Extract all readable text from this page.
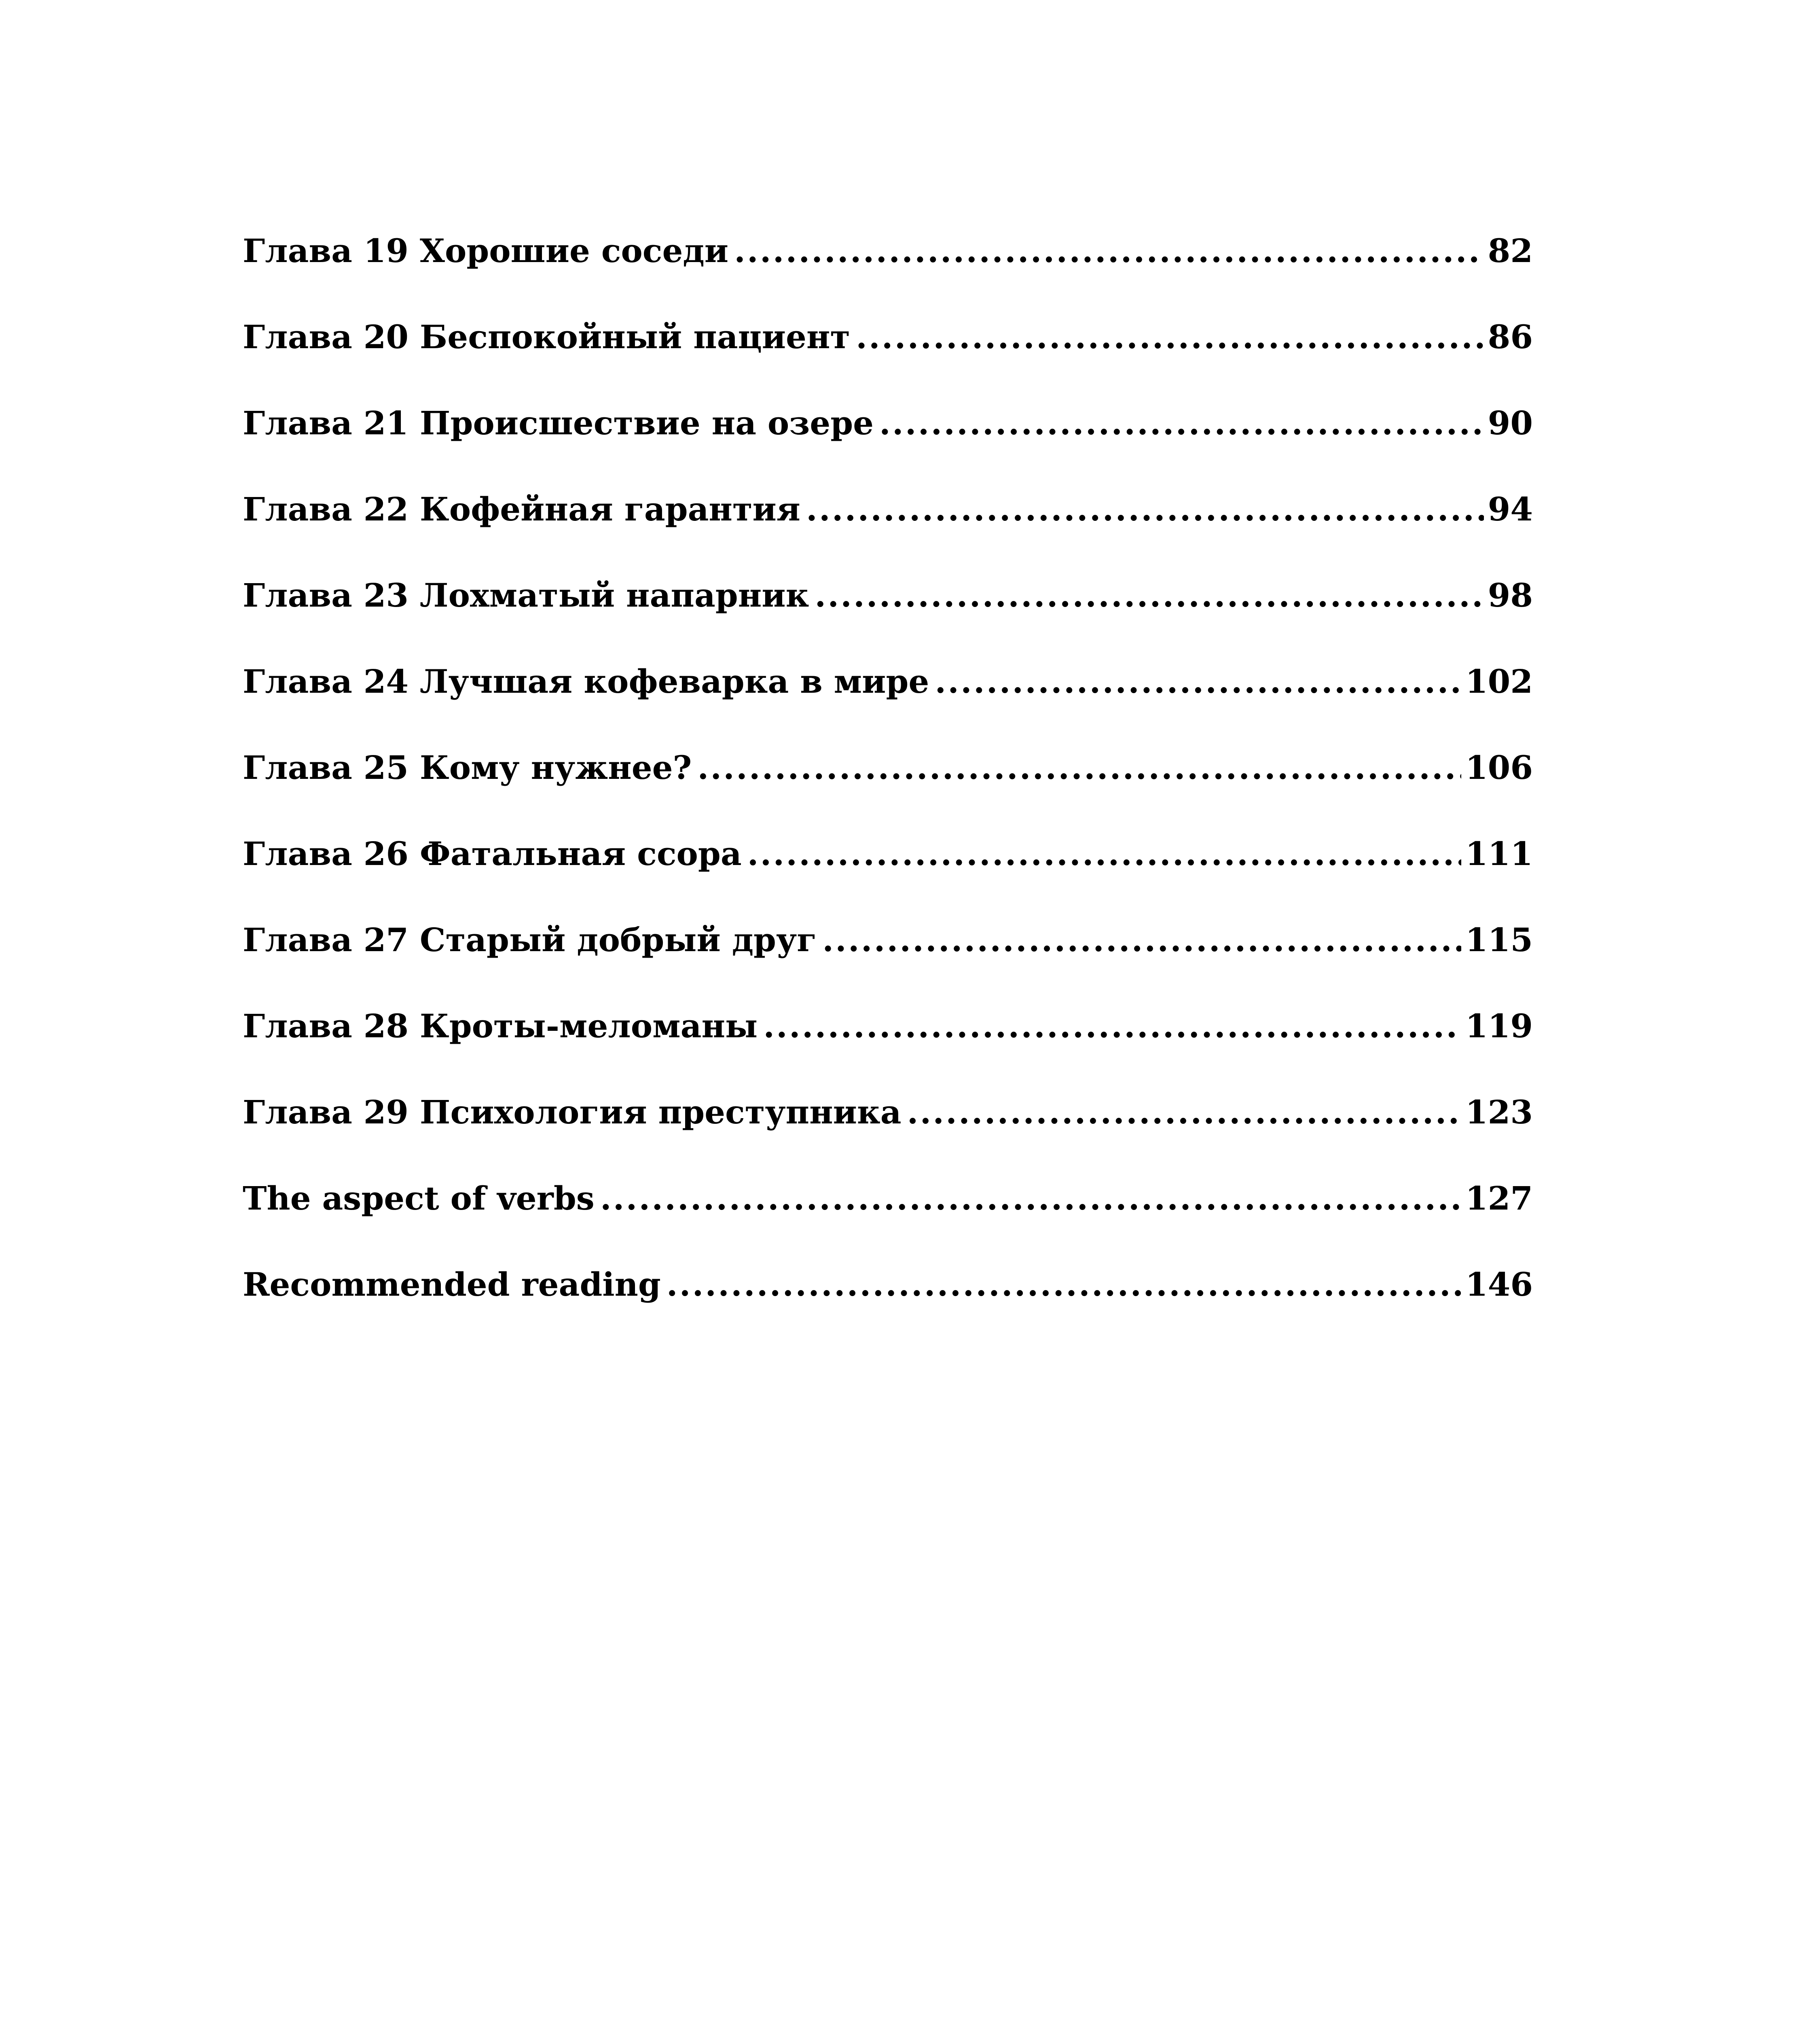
Глава 19 Хорошие соседи .....	82
Глава 20 Беспокойный пациент .....	86
Глава 21 Происшествие на озере .....	90
Глава 22 Кофейная гарантия .....	94
Глава 23 Лохматый напарник .....	98
Глава 24 Лучшая кофеварка в мире .....	102
Глава 25 Кому нужнее? .....	106
Глава 26 Фатальная ссора .....	111
Глава 27 Старый добрый друг .....	115
Глава 28 Кроты-меломаны .....	119
Глава 29 Психология преступника .....	123
The aspect of verbs .....	127
Recommended reading .....	146
